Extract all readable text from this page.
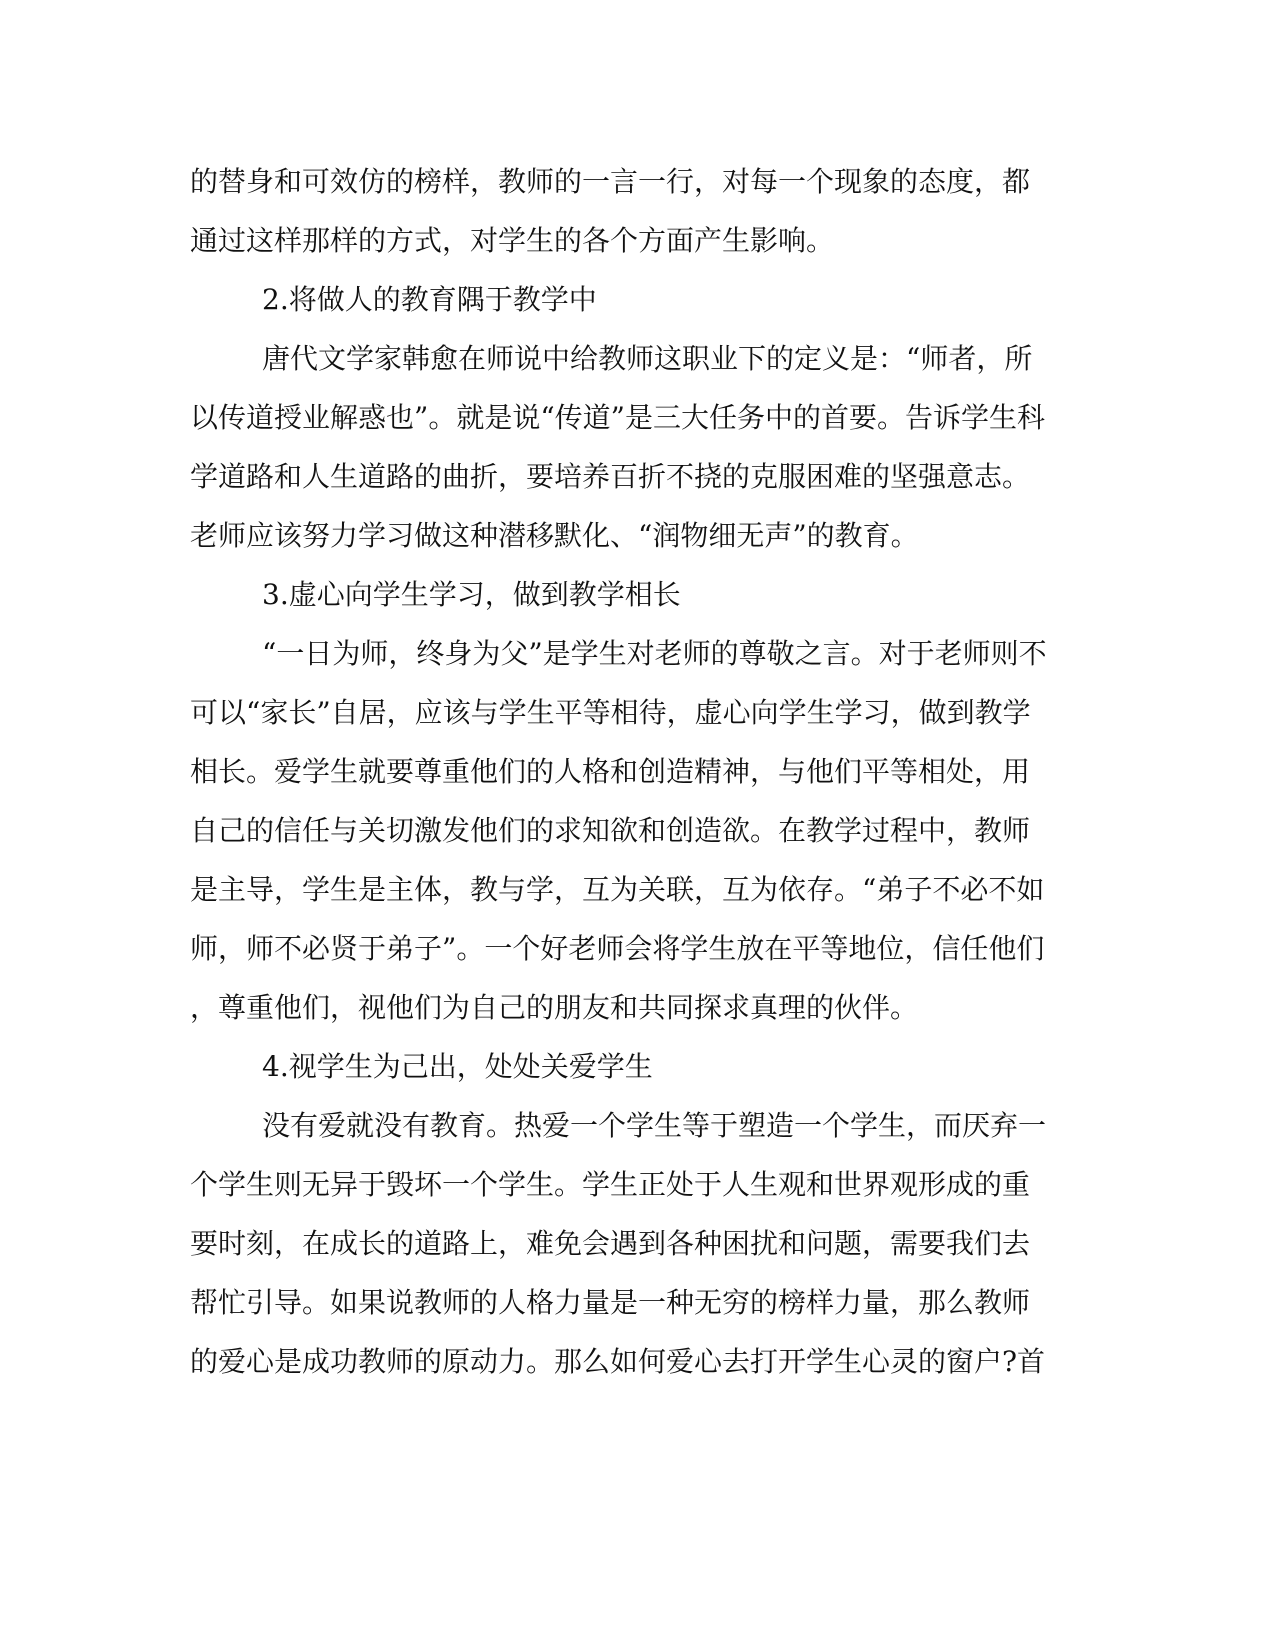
的替身和可效仿的榜样，教师的一言一行，对每一个现象的态度，都
通过这样那样的方式，对学生的各个方面产生影响。
2.将做人的教育隅于教学中
唐代文学家韩愈在师说中给教师这职业下的定义是：“师者，所
以传道授业解惑也”。就是说“传道”是三大任务中的首要。告诉学生科
学道路和人生道路的曲折，要培养百折不挠的克服困难的坚强意志。
老师应该努力学习做这种潜移默化、“润物细无声”的教育。
3.虚心向学生学习，做到教学相长
“一日为师，终身为父”是学生对老师的尊敬之言。对于老师则不
可以“家长”自居，应该与学生平等相待，虚心向学生学习，做到教学
相长。爱学生就要尊重他们的人格和创造精神，与他们平等相处，用
自己的信任与关切激发他们的求知欲和创造欲。在教学过程中，教师
是主导，学生是主体，教与学，互为关联，互为依存。“弟子不必不如
师，师不必贤于弟子”。一个好老师会将学生放在平等地位，信任他们
，尊重他们，视他们为自己的朋友和共同探求真理的伙伴。
4.视学生为己出，处处关爱学生
没有爱就没有教育。热爱一个学生等于塑造一个学生，而厌弃一
个学生则无异于毁坏一个学生。学生正处于人生观和世界观形成的重
要时刻，在成长的道路上，难免会遇到各种困扰和问题，需要我们去
帮忙引导。如果说教师的人格力量是一种无穷的榜样力量，那么教师
的爱心是成功教师的原动力。那么如何爱心去打开学生心灵的窗户?首
